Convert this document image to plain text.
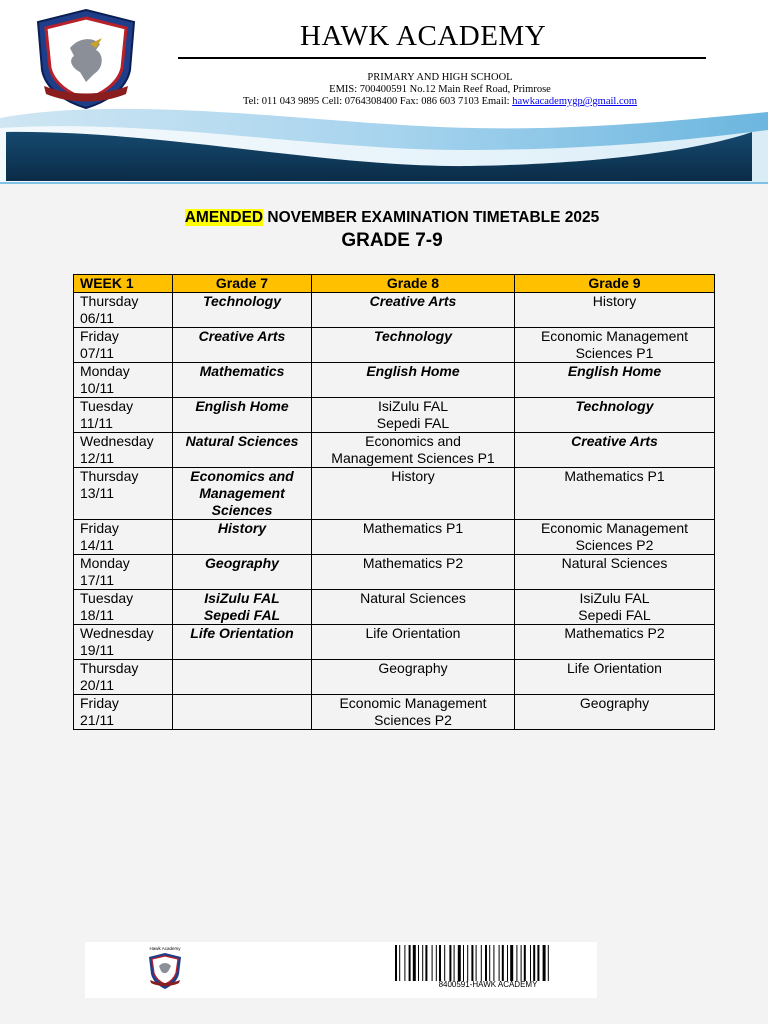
HAWK ACADEMY
PRIMARY AND HIGH SCHOOL
EMIS: 700400591 No.12 Main Reef Road, Primrose
Tel: 011 043 9895 Cell: 0764308400 Fax: 086 603 7103 Email: hawkacademygp@gmail.com
AMENDED NOVEMBER EXAMINATION TIMETABLE 2025
GRADE 7-9
WEEK 1	Grade 7	Grade 8	Grade 9
Thursday
06/11	Technology	Creative Arts	History
Friday
07/11	Creative Arts	Technology	Economic Management
Sciences P1
Monday
10/11	Mathematics	English Home	English Home
Tuesday
11/11	English Home	IsiZulu FAL
Sepedi FAL	Technology
Wednesday
12/11	Natural Sciences	Economics and
Management Sciences P1	Creative Arts
Thursday
13/11	Economics and
Management
Sciences	History	Mathematics P1
Friday
14/11	History	Mathematics P1	Economic Management
Sciences P2
Monday
17/11	Geography	Mathematics P2	Natural Sciences
Tuesday
18/11	IsiZulu FAL
Sepedi FAL	Natural Sciences	IsiZulu FAL
Sepedi FAL
Wednesday
19/11	Life Orientation	Life Orientation	Mathematics P2
Thursday
20/11		Geography	Life Orientation
Friday
21/11		Economic Management
Sciences P2	Geography
Hawk Academy
8400591-HAWK ACADEMY
